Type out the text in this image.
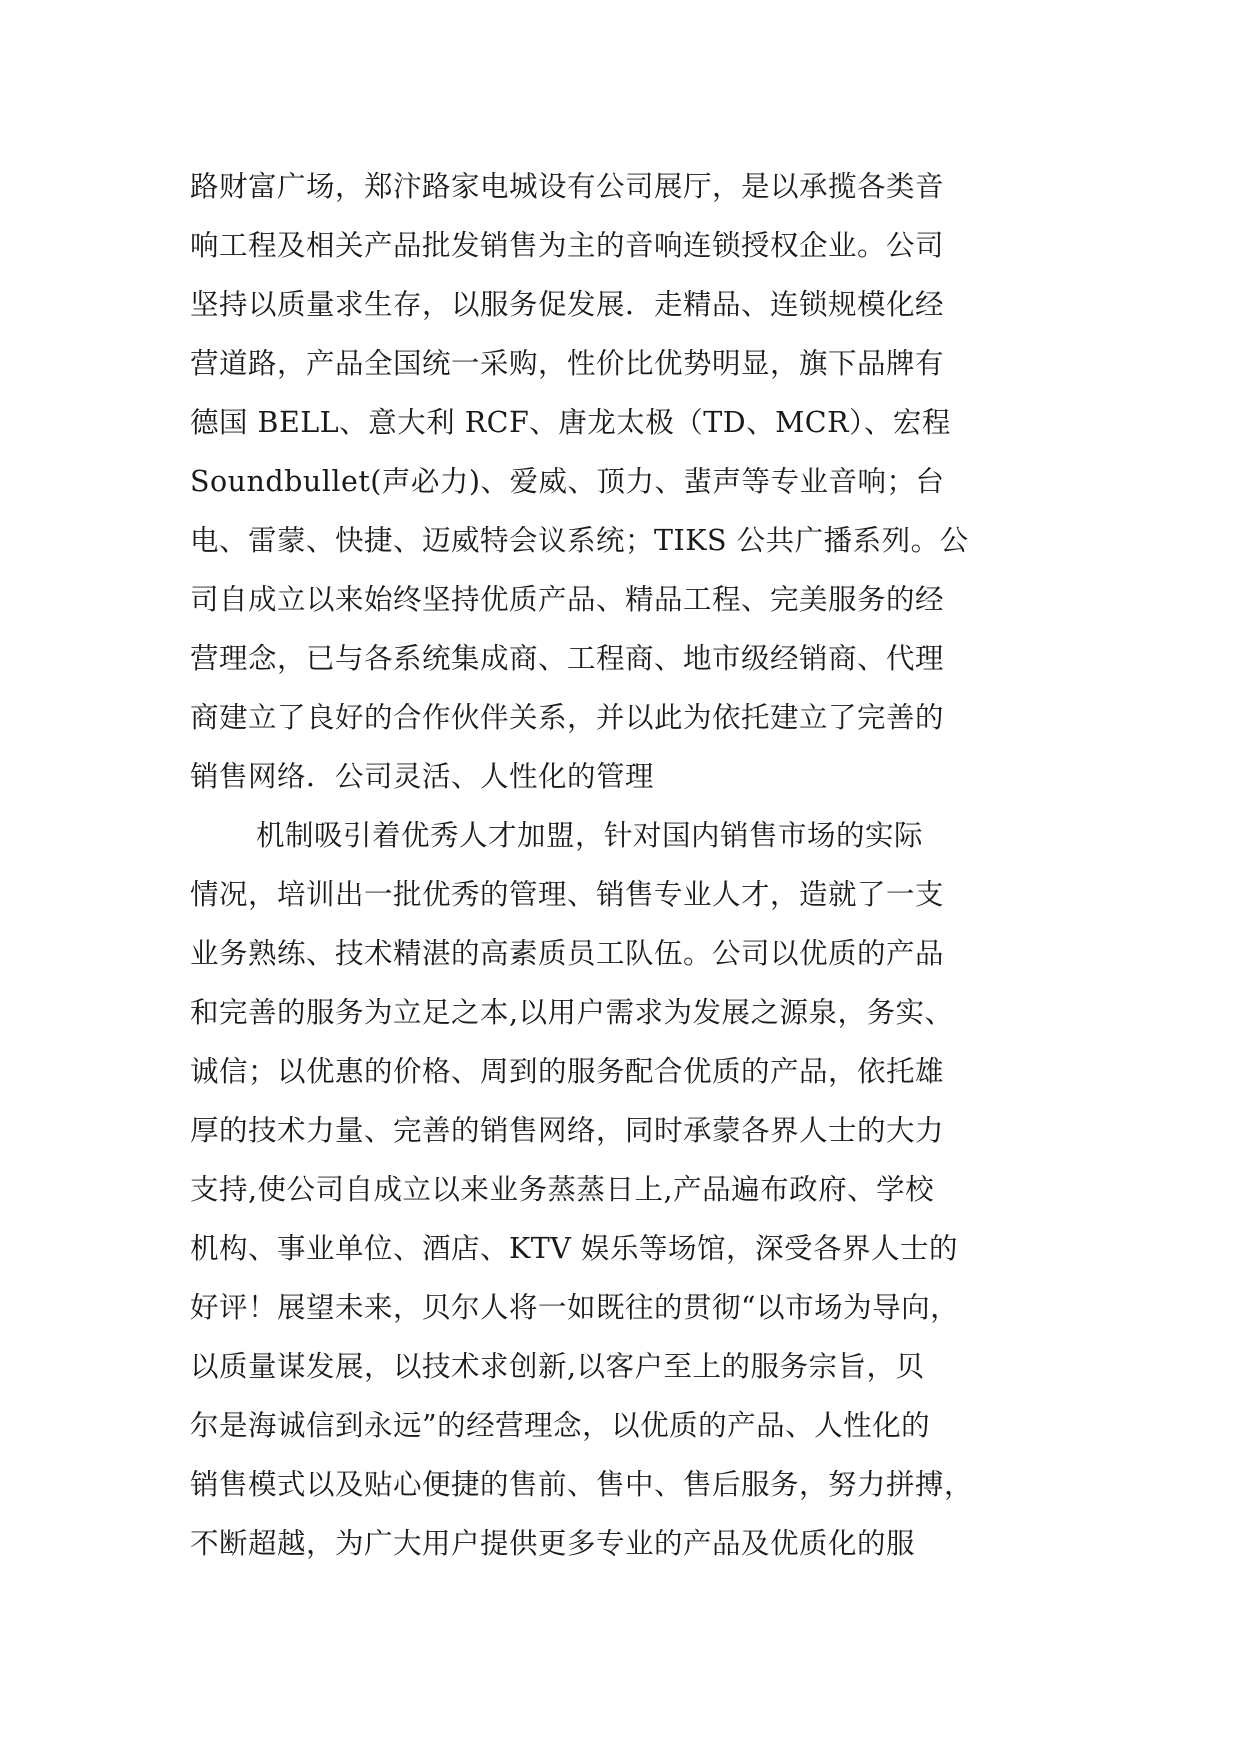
路财富广场，郑汴路家电城设有公司展厅，是以承揽各类音
响工程及相关产品批发销售为主的音响连锁授权企业。公司
坚持以质量求生存，以服务促发展．走精品、连锁规模化经
营道路，产品全国统一采购，性价比优势明显，旗下品牌有
德国 BELL、意大利 RCF、唐龙太极（TD、MCR）、宏程
Soundbullet(声必力)、爱威、顶力、蜚声等专业音响；台
电、雷蒙、快捷、迈威特会议系统；TIKS 公共广播系列。公
司自成立以来始终坚持优质产品、精品工程、完美服务的经
营理念，已与各系统集成商、工程商、地市级经销商、代理
商建立了良好的合作伙伴关系，并以此为依托建立了完善的
销售网络．公司灵活、人性化的管理
机制吸引着优秀人才加盟，针对国内销售市场的实际
情况，培训出一批优秀的管理、销售专业人才，造就了一支
业务熟练、技术精湛的高素质员工队伍。公司以优质的产品
和完善的服务为立足之本,以用户需求为发展之源泉，务实、
诚信；以优惠的价格、周到的服务配合优质的产品，依托雄
厚的技术力量、完善的销售网络，同时承蒙各界人士的大力
支持,使公司自成立以来业务蒸蒸日上,产品遍布政府、学校
机构、事业单位、酒店、KTV 娱乐等场馆，深受各界人士的
好评！展望未来，贝尔人将一如既往的贯彻“以市场为导向，
以质量谋发展，以技术求创新,以客户至上的服务宗旨，贝
尔是海诚信到永远”的经营理念，以优质的产品、人性化的
销售模式以及贴心便捷的售前、售中、售后服务，努力拼搏，
不断超越，为广大用户提供更多专业的产品及优质化的服
